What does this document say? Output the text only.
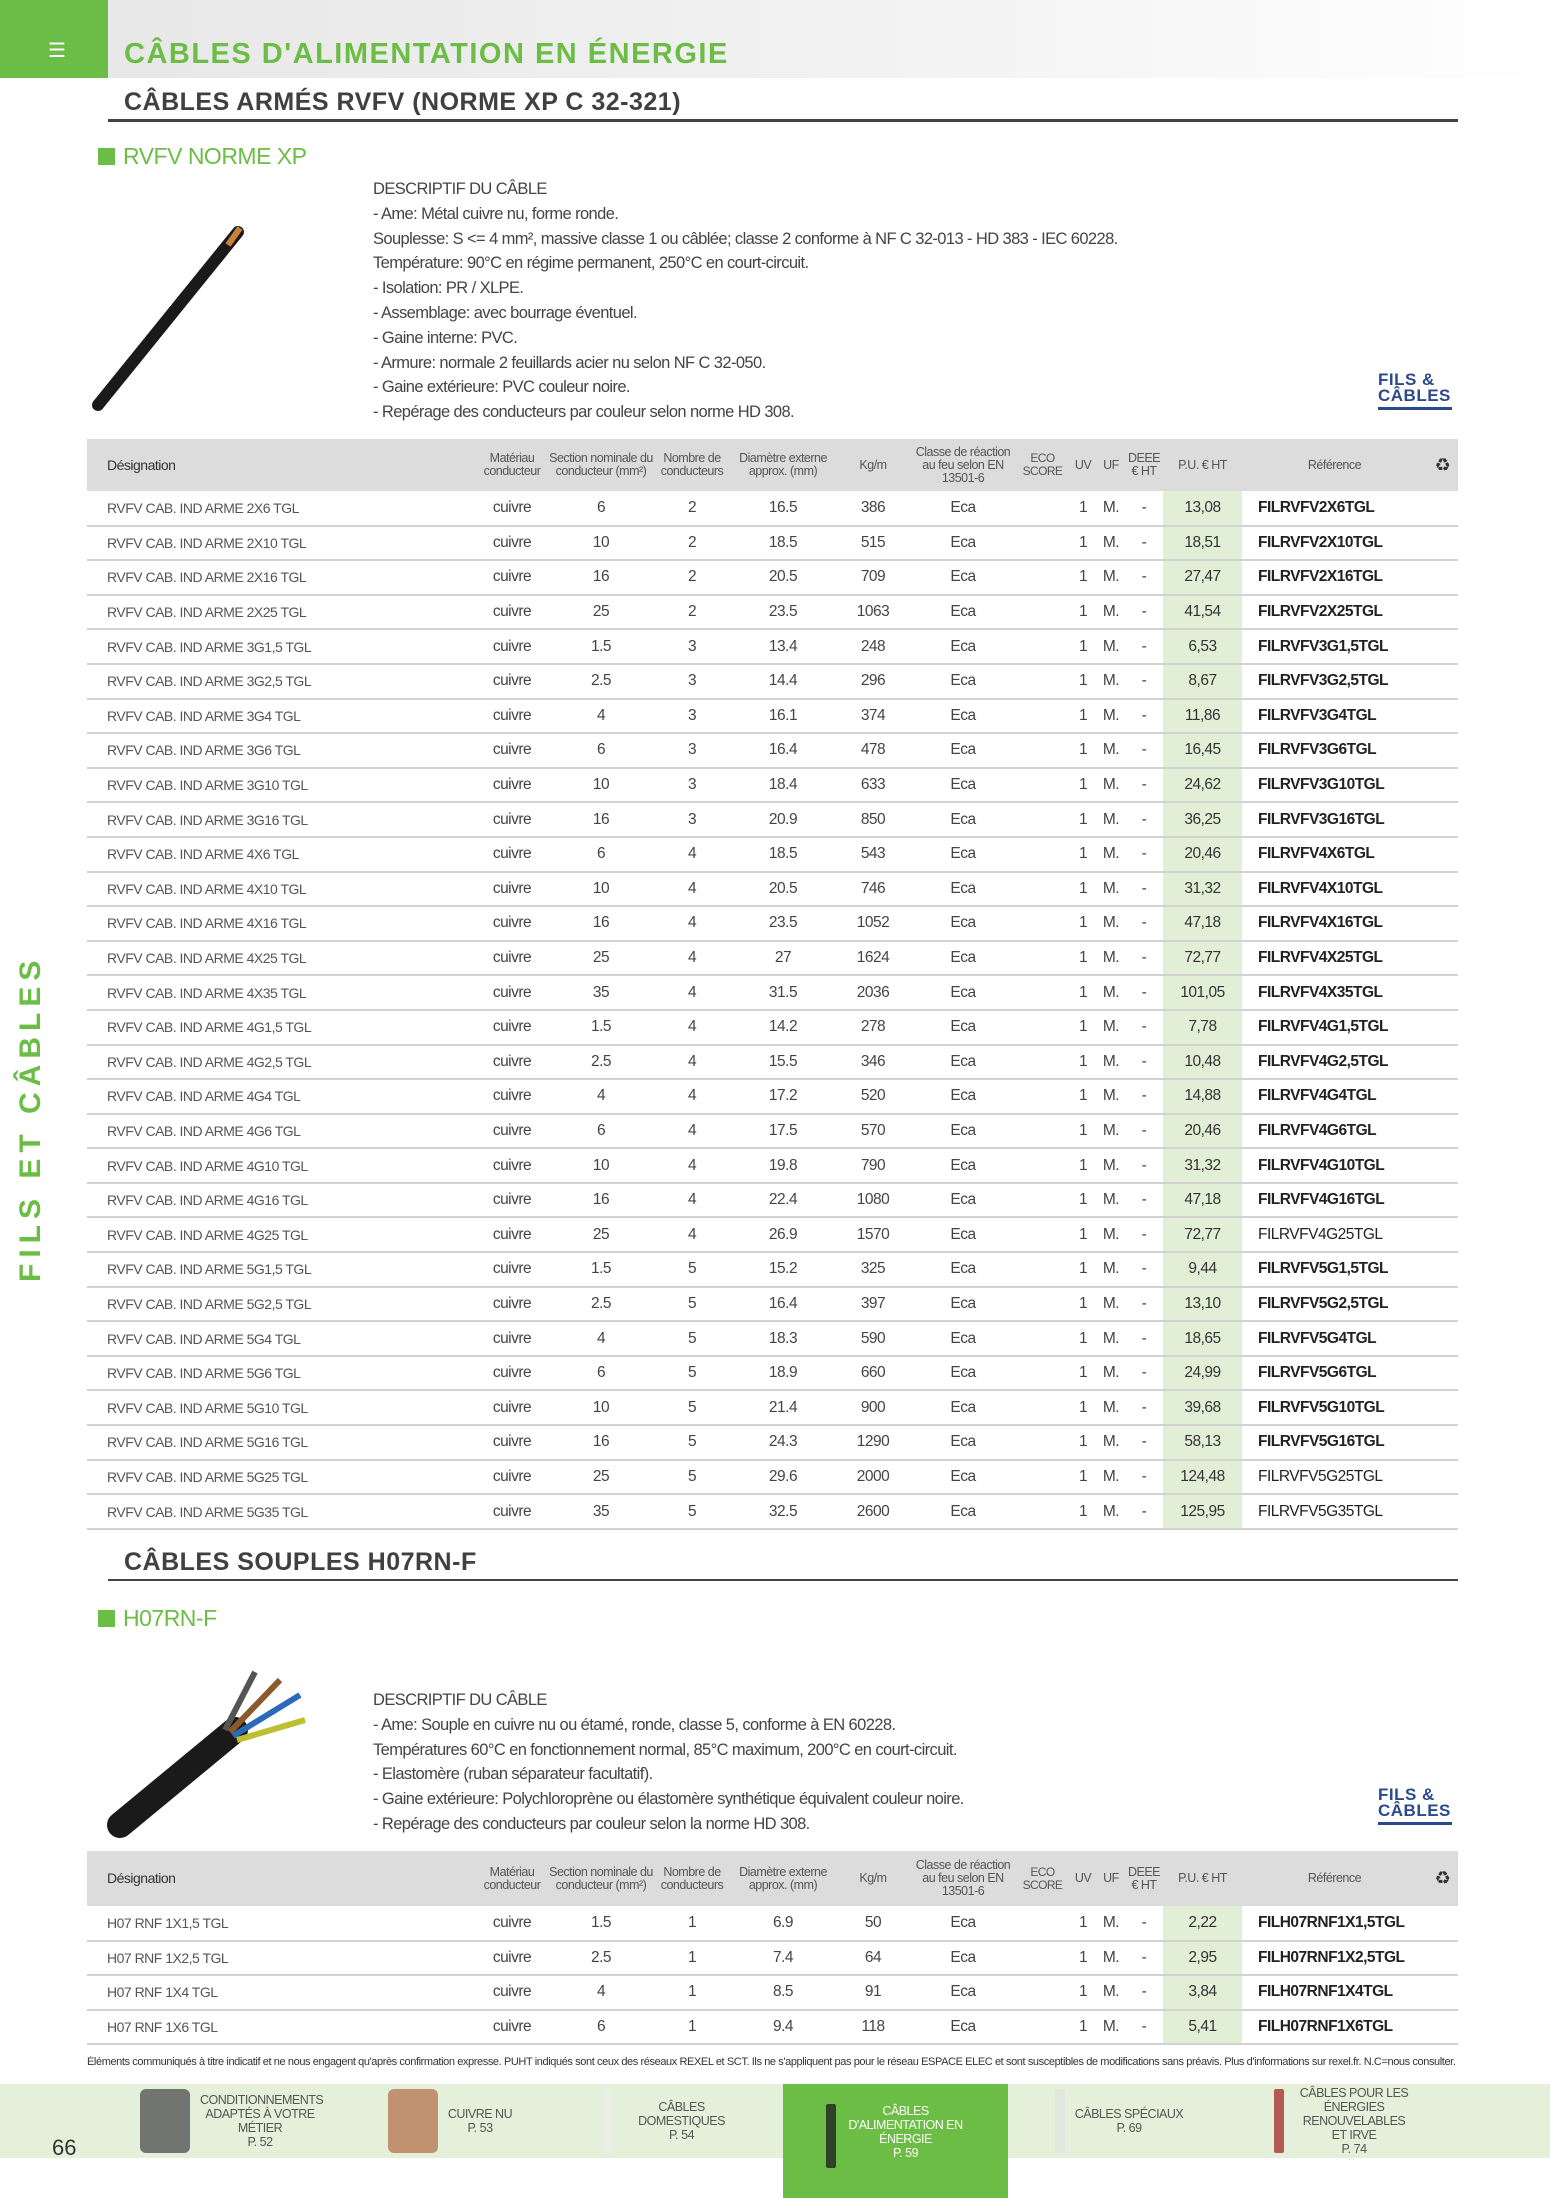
☰ CÂBLES D'ALIMENTATION EN ÉNERGIE
FILS ET CÂBLES
CÂBLES ARMÉS RVFV (NORME XP C 32-321)
RVFV NORME XP
DESCRIPTIF DU CÂBLE
- Ame: Métal cuivre nu, forme ronde.
Souplesse: S <= 4 mm², massive classe 1 ou câblée; classe 2 conforme à NF C 32-013 - HD 383 - IEC 60228.
Température: 90°C en régime permanent, 250°C en court-circuit.
- Isolation: PR / XLPE.
- Assemblage: avec bourrage éventuel.
- Gaine interne: PVC.
- Armure: normale 2 feuillards acier nu selon NF C 32-050.
- Gaine extérieure: PVC couleur noire.
- Repérage des conducteurs par couleur selon norme HD 308.
FILS &
CÂBLES
Désignation	Matériau conducteur	Section nominale du conducteur (mm²)	Nombre de conducteurs	Diamètre externe approx. (mm)	Kg/m	Classe de réaction au feu selon EN 13501-6	ECO SCORE	UV	UF	DEEE € HT	P.U. € HT	Référence	♻
RVFV CAB. IND ARME 2X6 TGL	cuivre	6	2	16.5	386	Eca		1	M.	-	13,08	FILRVFV2X6TGL	
RVFV CAB. IND ARME 2X10 TGL	cuivre	10	2	18.5	515	Eca		1	M.	-	18,51	FILRVFV2X10TGL	
RVFV CAB. IND ARME 2X16 TGL	cuivre	16	2	20.5	709	Eca		1	M.	-	27,47	FILRVFV2X16TGL	
RVFV CAB. IND ARME 2X25 TGL	cuivre	25	2	23.5	1063	Eca		1	M.	-	41,54	FILRVFV2X25TGL	
RVFV CAB. IND ARME 3G1,5 TGL	cuivre	1.5	3	13.4	248	Eca		1	M.	-	6,53	FILRVFV3G1,5TGL	
RVFV CAB. IND ARME 3G2,5 TGL	cuivre	2.5	3	14.4	296	Eca		1	M.	-	8,67	FILRVFV3G2,5TGL	
RVFV CAB. IND ARME 3G4 TGL	cuivre	4	3	16.1	374	Eca		1	M.	-	11,86	FILRVFV3G4TGL	
RVFV CAB. IND ARME 3G6 TGL	cuivre	6	3	16.4	478	Eca		1	M.	-	16,45	FILRVFV3G6TGL	
RVFV CAB. IND ARME 3G10 TGL	cuivre	10	3	18.4	633	Eca		1	M.	-	24,62	FILRVFV3G10TGL	
RVFV CAB. IND ARME 3G16 TGL	cuivre	16	3	20.9	850	Eca		1	M.	-	36,25	FILRVFV3G16TGL	
RVFV CAB. IND ARME 4X6 TGL	cuivre	6	4	18.5	543	Eca		1	M.	-	20,46	FILRVFV4X6TGL	
RVFV CAB. IND ARME 4X10 TGL	cuivre	10	4	20.5	746	Eca		1	M.	-	31,32	FILRVFV4X10TGL	
RVFV CAB. IND ARME 4X16 TGL	cuivre	16	4	23.5	1052	Eca		1	M.	-	47,18	FILRVFV4X16TGL	
RVFV CAB. IND ARME 4X25 TGL	cuivre	25	4	27	1624	Eca		1	M.	-	72,77	FILRVFV4X25TGL	
RVFV CAB. IND ARME 4X35 TGL	cuivre	35	4	31.5	2036	Eca		1	M.	-	101,05	FILRVFV4X35TGL	
RVFV CAB. IND ARME 4G1,5 TGL	cuivre	1.5	4	14.2	278	Eca		1	M.	-	7,78	FILRVFV4G1,5TGL	
RVFV CAB. IND ARME 4G2,5 TGL	cuivre	2.5	4	15.5	346	Eca		1	M.	-	10,48	FILRVFV4G2,5TGL	
RVFV CAB. IND ARME 4G4 TGL	cuivre	4	4	17.2	520	Eca		1	M.	-	14,88	FILRVFV4G4TGL	
RVFV CAB. IND ARME 4G6 TGL	cuivre	6	4	17.5	570	Eca		1	M.	-	20,46	FILRVFV4G6TGL	
RVFV CAB. IND ARME 4G10 TGL	cuivre	10	4	19.8	790	Eca		1	M.	-	31,32	FILRVFV4G10TGL	
RVFV CAB. IND ARME 4G16 TGL	cuivre	16	4	22.4	1080	Eca		1	M.	-	47,18	FILRVFV4G16TGL	
RVFV CAB. IND ARME 4G25 TGL	cuivre	25	4	26.9	1570	Eca		1	M.	-	72,77	FILRVFV4G25TGL	
RVFV CAB. IND ARME 5G1,5 TGL	cuivre	1.5	5	15.2	325	Eca		1	M.	-	9,44	FILRVFV5G1,5TGL	
RVFV CAB. IND ARME 5G2,5 TGL	cuivre	2.5	5	16.4	397	Eca		1	M.	-	13,10	FILRVFV5G2,5TGL	
RVFV CAB. IND ARME 5G4 TGL	cuivre	4	5	18.3	590	Eca		1	M.	-	18,65	FILRVFV5G4TGL	
RVFV CAB. IND ARME 5G6 TGL	cuivre	6	5	18.9	660	Eca		1	M.	-	24,99	FILRVFV5G6TGL	
RVFV CAB. IND ARME 5G10 TGL	cuivre	10	5	21.4	900	Eca		1	M.	-	39,68	FILRVFV5G10TGL	
RVFV CAB. IND ARME 5G16 TGL	cuivre	16	5	24.3	1290	Eca		1	M.	-	58,13	FILRVFV5G16TGL	
RVFV CAB. IND ARME 5G25 TGL	cuivre	25	5	29.6	2000	Eca		1	M.	-	124,48	FILRVFV5G25TGL	
RVFV CAB. IND ARME 5G35 TGL	cuivre	35	5	32.5	2600	Eca		1	M.	-	125,95	FILRVFV5G35TGL	
CÂBLES SOUPLES H07RN-F
H07RN-F
DESCRIPTIF DU CÂBLE
- Ame: Souple en cuivre nu ou étamé, ronde, classe 5, conforme à EN 60228.
Températures 60°C en fonctionnement normal, 85°C maximum, 200°C en court-circuit.
- Elastomère (ruban séparateur facultatif).
- Gaine extérieure: Polychloroprène ou élastomère synthétique équivalent couleur noire.
- Repérage des conducteurs par couleur selon la norme HD 308.
FILS &
CÂBLES
Désignation	Matériau conducteur	Section nominale du conducteur (mm²)	Nombre de conducteurs	Diamètre externe approx. (mm)	Kg/m	Classe de réaction au feu selon EN 13501-6	ECO SCORE	UV	UF	DEEE € HT	P.U. € HT	Référence	♻
H07 RNF 1X1,5 TGL	cuivre	1.5	1	6.9	50	Eca		1	M.	-	2,22	FILH07RNF1X1,5TGL	
H07 RNF 1X2,5 TGL	cuivre	2.5	1	7.4	64	Eca		1	M.	-	2,95	FILH07RNF1X2,5TGL	
H07 RNF 1X4 TGL	cuivre	4	1	8.5	91	Eca		1	M.	-	3,84	FILH07RNF1X4TGL	
H07 RNF 1X6 TGL	cuivre	6	1	9.4	118	Eca		1	M.	-	5,41	FILH07RNF1X6TGL	
Éléments communiqués à titre indicatif et ne nous engagent qu'après confirmation expresse. PUHT indiqués sont ceux des réseaux REXEL et SCT. Ils ne s'appliquent pas pour le réseau ESPACE ELEC et sont susceptibles de modifications sans préavis. Plus d'informations sur rexel.fr. N.C=nous consulter.
66
CONDITIONNEMENTS ADAPTÉS À VOTRE MÉTIER
P. 52
CUIVRE NU
P. 53
CÂBLES DOMESTIQUES
P. 54
CÂBLES D'ALIMENTATION EN ÉNERGIE
P. 59
CÂBLES SPÉCIAUX
P. 69
CÂBLES POUR LES ÉNERGIES RENOUVELABLES ET IRVE
P. 74
